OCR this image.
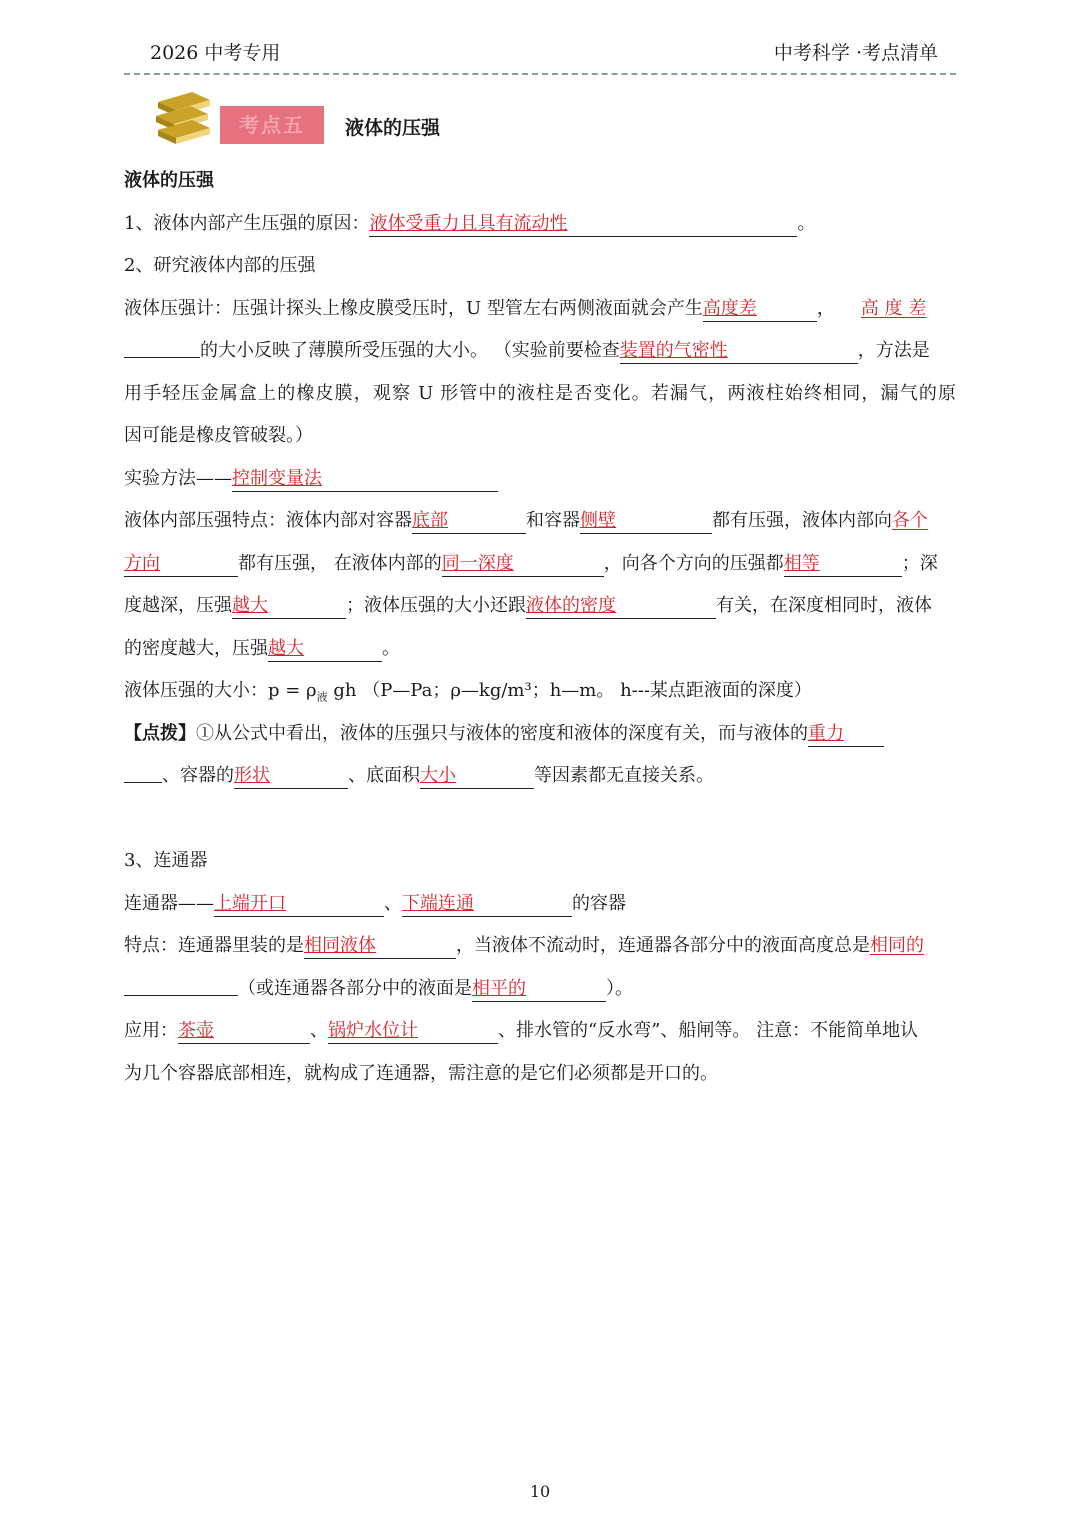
2026 中考专用	中考科学 ·考点清单
考点五	液体的压强
液体的压强
1、液体内部产生压强的原因：液体受重力且具有流动性	。
2、研究液体内部的压强
液体压强计：压强计探头上橡皮膜受压时，U 型管左右两侧液面就会产生高度差	， 高 度 差
的大小反映了薄膜所受压强的大小。 （实验前要检查装置的气密性	，方法是
用手轻压金属盒上的橡皮膜，观察 U 形管中的液柱是否变化。若漏气，两液柱始终相同，漏气的原
因可能是橡皮管破裂。）
实验方法——控制变量法
液体内部压强特点：液体内部对容器底部	和容器侧壁	都有压强，液体内部向各个
方向	都有压强， 在液体内部的同一深度	，向各个方向的压强都相等	；深
度越深，压强越大	；液体压强的大小还跟液体的密度	有关，在深度相同时，液体
的密度越大，压强越大	。
液体压强的大小：$p = \rho_液$ gh （P—Pa；ρ—kg/m³；h—m。 h---某点距液面的深度）
【点拨】①从公式中看出，液体的压强只与液体的密度和液体的深度有关，而与液体的重力
、容器的形状	、底面积大小	等因素都无直接关系。
3、连通器
连通器——上端开口	、下端连通	的容器
特点：连通器里装的是相同液体	，当液体不流动时，连通器各部分中的液面高度总是相同的
（或连通器各部分中的液面是相平的	）。
应用：茶壶	、锅炉水位计	、排水管的“反水弯”、船闸等。 注意：不能简单地认
为几个容器底部相连，就构成了连通器，需注意的是它们必须都是开口的。
10
